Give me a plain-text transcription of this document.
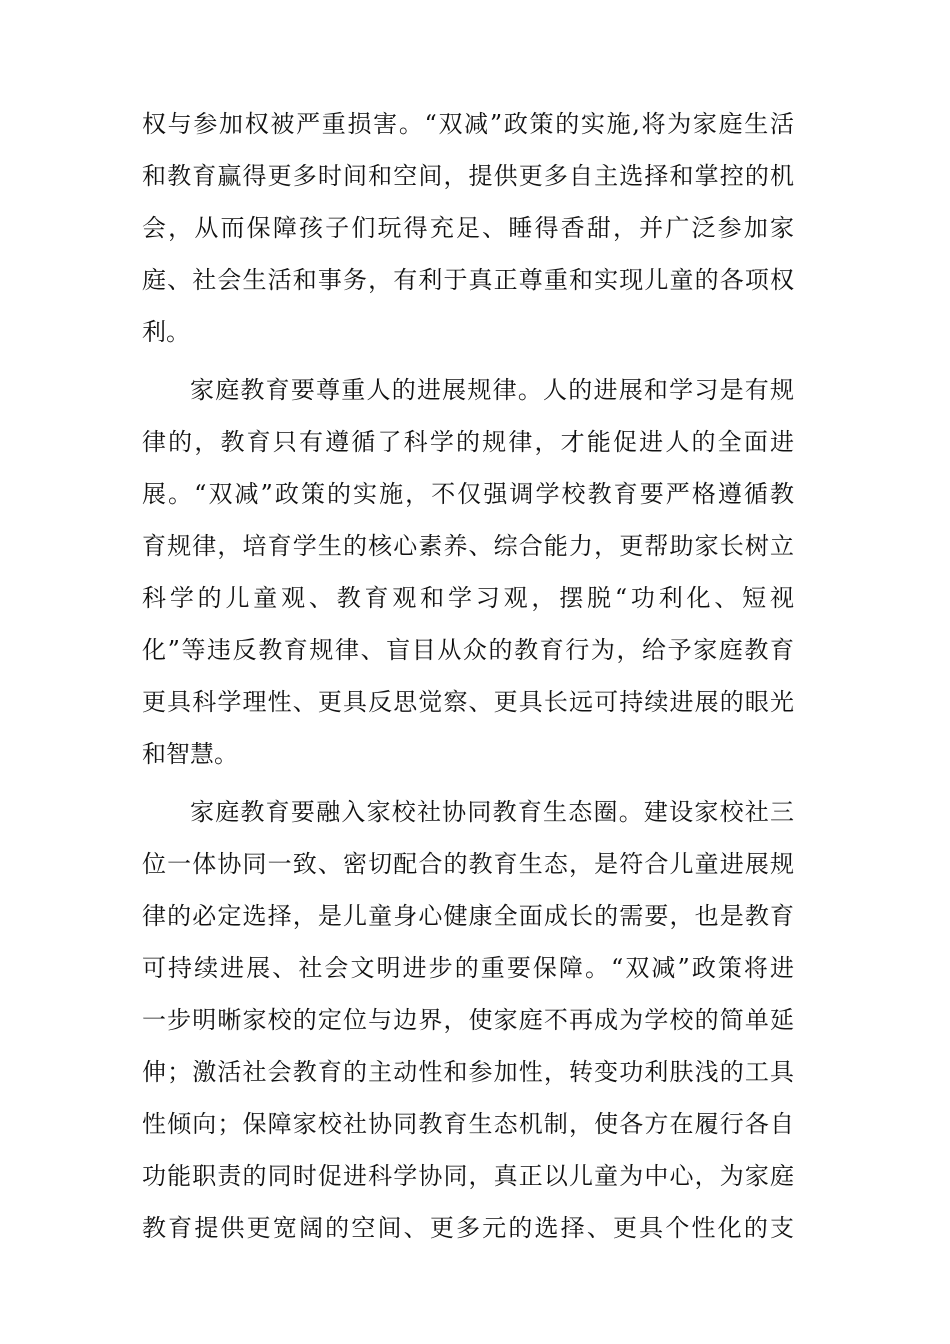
权与参加权被严重损害。“双减”政策的实施,将为家庭生活
和教育赢得更多时间和空间，提供更多自主选择和掌控的机
会，从而保障孩子们玩得充足、睡得香甜，并广泛参加家
庭、社会生活和事务，有利于真正尊重和实现儿童的各项权
利。
家庭教育要尊重人的进展规律。人的进展和学习是有规
律的，教育只有遵循了科学的规律，才能促进人的全面进
展。“双减”政策的实施，不仅强调学校教育要严格遵循教
育规律，培育学生的核心素养、综合能力，更帮助家长树立
科学的儿童观、教育观和学习观，摆脱“功利化、短视
化”等违反教育规律、盲目从众的教育行为，给予家庭教育
更具科学理性、更具反思觉察、更具长远可持续进展的眼光
和智慧。
家庭教育要融入家校社协同教育生态圈。建设家校社三
位一体协同一致、密切配合的教育生态，是符合儿童进展规
律的必定选择，是儿童身心健康全面成长的需要，也是教育
可持续进展、社会文明进步的重要保障。“双减”政策将进
一步明晰家校的定位与边界，使家庭不再成为学校的简单延
伸；激活社会教育的主动性和参加性，转变功利肤浅的工具
性倾向；保障家校社协同教育生态机制，使各方在履行各自
功能职责的同时促进科学协同，真正以儿童为中心，为家庭
教育提供更宽阔的空间、更多元的选择、更具个性化的支
